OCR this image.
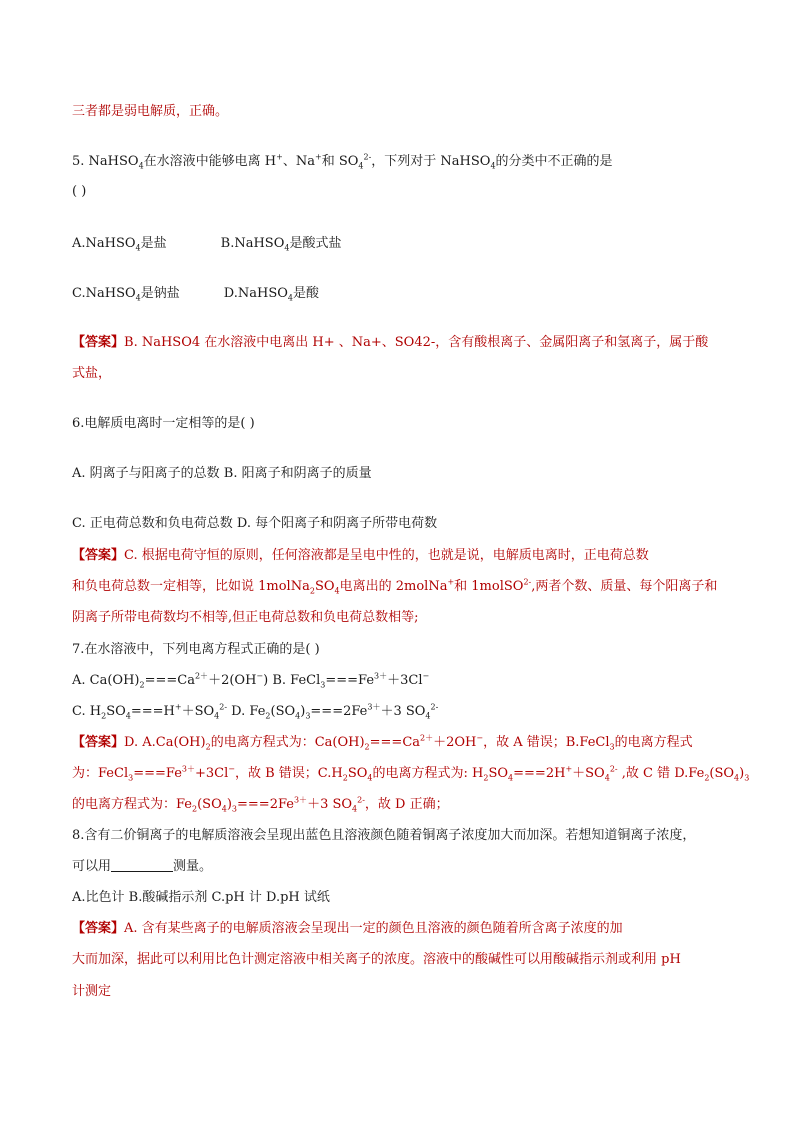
三者都是弱电解质，正确。
5. NaHSO$_4$在水溶液中能够电离 H+、Na+和 $SO_4^{2-}$，下列对于 NaHSO$_4$的分类中不正确的是
( )
A.NaHSO$_4$是盐	B.NaHSO$_4$是酸式盐
C.NaHSO$_4$是钠盐	D.NaHSO$_4$是酸
【答案】B. NaHSO4 在水溶液中电离出 H+ 、Na+、SO42-，含有酸根离子、金属阳离子和氢离子，属于酸
式盐，
6.电解质电离时一定相等的是( )
A. 阴离子与阳离子的总数 B. 阳离子和阴离子的质量
C. 正电荷总数和负电荷总数 D. 每个阳离子和阴离子所带电荷数
【答案】C. 根据电荷守恒的原则，任何溶液都是呈电中性的，也就是说，电解质电离时，正电荷总数
和负电荷总数一定相等，比如说 $1molNa_2SO_4$电离出的 2molNa+和 1molSO$^{2-}$,两者个数、质量、每个阳离子和
阴离子所带电荷数均不相等,但正电荷总数和负电荷总数相等;
7.在水溶液中，下列电离方程式正确的是( )
A. $Ca(OH)_2===Ca^{2+}+2(OH^-)$ B. $FeCl_3===Fe^{3+}+3Cl^-$
C. $H_2SO_4===H^++SO_4^{2-}$ D. $Fe_2(SO_4)_3===2Fe^{3+}+3$ $SO_4^{2-}$
【答案】D. $A.Ca(OH)_2$的电离方程式为：$Ca(OH)_2===Ca^{2+}+2OH^-$，故 A 错误；B.FeCl$_3$的电离方程式
为：$FeCl_3===Fe^{3+}+3Cl^-$，故 B 错误；$C.H_2SO_4$的电离方程式为: $H_2SO_4===2H^++SO_4^{2-}$ ,故 C 错 $D.Fe_2(SO_4)_3$
的电离方程式为：$Fe_2(SO_4)_3===2Fe^{3+}+3$ $SO_4^{2-}$，故 D 正确；
8.含有二价铜离子的电解质溶液会呈现出蓝色且溶液颜色随着铜离子浓度加大而加深。若想知道铜离子浓度，
可以用	测量。
A.比色计 B.酸碱指示剂 C.pH 计 D.pH 试纸
【答案】A. 含有某些离子的电解质溶液会呈现出一定的颜色且溶液的颜色随着所含离子浓度的加
大而加深，据此可以利用比色计测定溶液中相关离子的浓度。溶液中的酸碱性可以用酸碱指示剂或利用 pH
计测定
